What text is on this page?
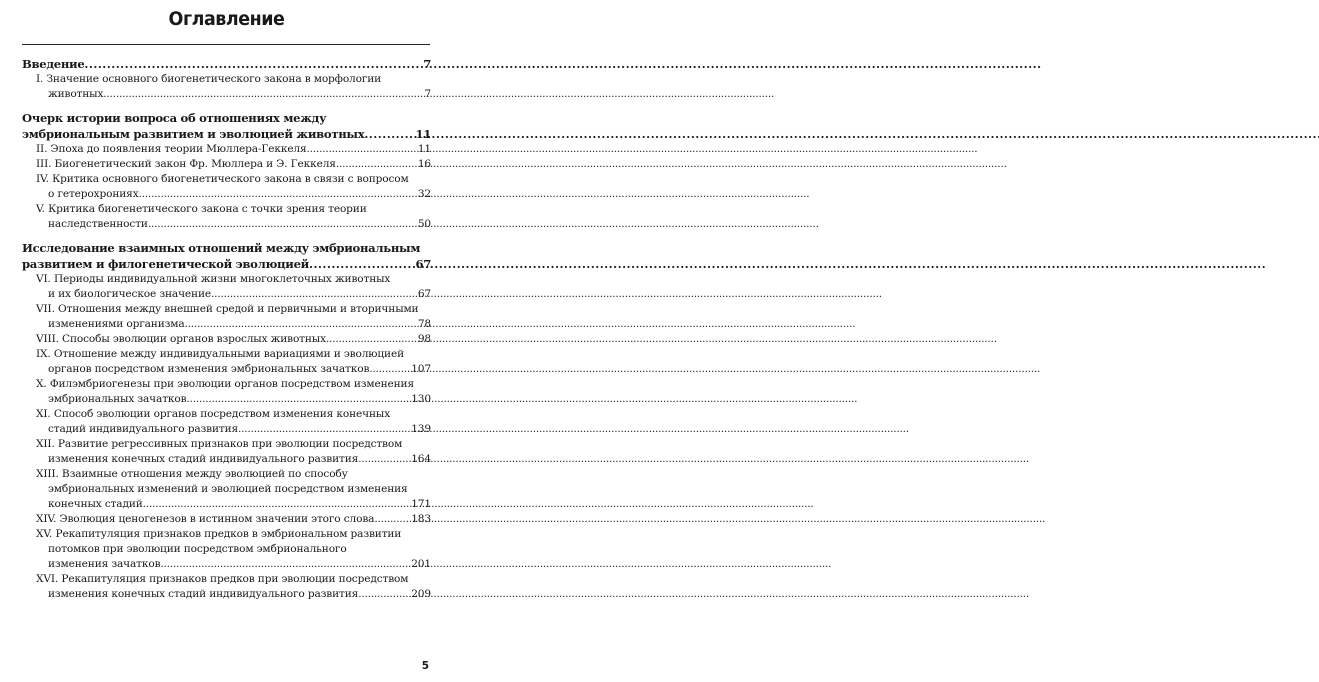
Оглавление
Введение . . .	7
I. Значение основного биогенетического закона в морфологии
животных . . .	7
Очерк истории вопроса об отношениях между
эмбриональным развитием и эволюцией животных . . .	11
II. Эпоха до появления теории Мюллера-Геккеля . . .	11
III. Биогенетический закон Фр. Мюллера и Э. Геккеля . . .	16
IV. Критика основного биогенетического закона в связи с вопросом
о гетерохрониях . . .	32
V. Критика биогенетического закона с точки зрения теории
наследственности . . .	50
Исследование взаимных отношений между эмбриональным
развитием и филогенетической эволюцией . . .	67
VI. Периоды индивидуальной жизни многоклеточных животных
и их биологическое значение . . .	67
VII. Отношения между внешней средой и первичными и вторичными
изменениями организма . . .	78
VIII. Способы эволюции органов взрослых животных . . .	98
IX. Отношение между индивидуальными вариациями и эволюцией
органов посредством изменения эмбриональных зачатков . . .	107
X. Филэмбриогенезы при эволюции органов посредством изменения
эмбриональных зачатков . . .	130
XI. Способ эволюции органов посредством изменения конечных
стадий индивидуального развития . . .	139
XII. Развитие регрессивных признаков при эволюции посредством
изменения конечных стадий индивидуального развития . . .	164
XIII. Взаимные отношения между эволюцией по способу
эмбриональных изменений и эволюцией посредством изменения
конечных стадий . . .	171
XIV. Эволюция ценогенезов в истинном значении этого слова . . .	183
XV. Рекапитуляция признаков предков в эмбриональном развитии
потомков при эволюции посредством эмбрионального
изменения зачатков . . .	201
XVI. Рекапитуляция признаков предков при эволюции посредством
изменения конечных стадий индивидуального развития . . .	209
5
